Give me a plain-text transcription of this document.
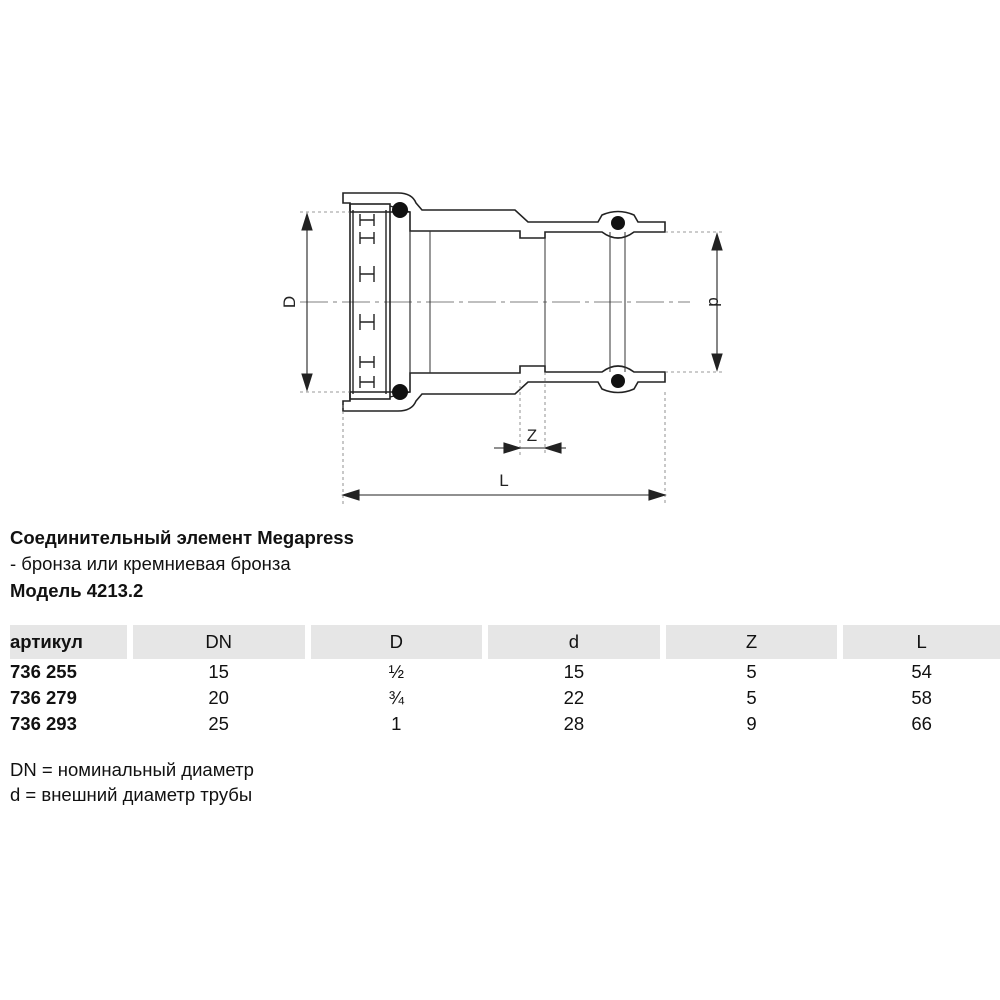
D	d
Z
L
Соединительный элемент Megapress
- бронза или кремниевая бронза
Модель 4213.2
артикул	DN	D	d	Z	L
736 255	15	½	15	5	54
736 279	20	¾	22	5	58
736 293	25	1	28	9	66
DN = номинальный диаметр
d = внешний диаметр трубы
